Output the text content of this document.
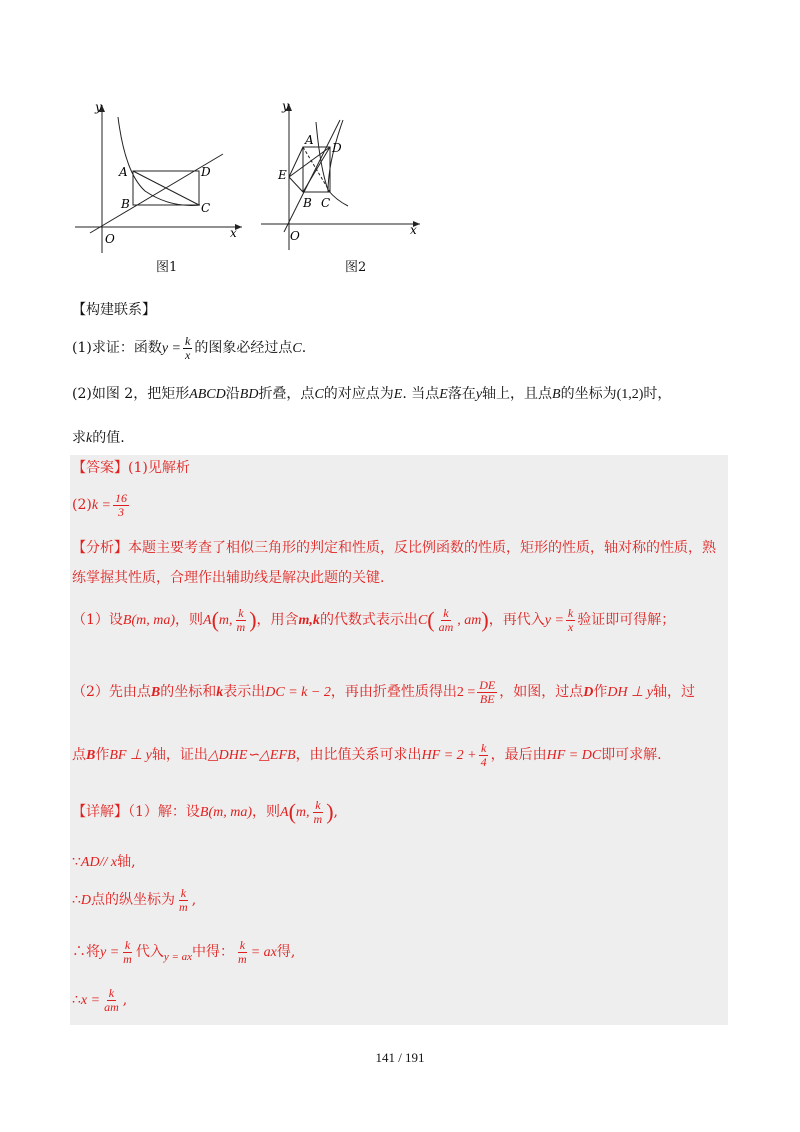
y
x
O
A
B	C
D
图1
y
x
O
A
D
E
B C
图2
【构建联系】
(1)求证：函数$y = \frac{k}{x}$ 的图象必经过点C.
(2)如图 2，把矩形ABCD沿BD折叠，点C的对应点为E. 当点E落在y轴上，且点B的坐标为(1,2)时，
求k的值.
【答案】(1)见解析
$(2)k = \frac{16}{3}$
【分析】本题主要考查了相似三角形的判定和性质，反比例函数的性质，矩形的性质，轴对称的性质，熟
练掌握其性质，合理作出辅助线是解决此题的关键.
（1）设B(m, ma)，则A(m, $\frac{k}{m}$ )，用含m,k的代数式表示出$C( \frac{k}{am}$ , am)，再代入$y = \frac{k}{x}$ 验证即可得解；
（2）先由点B的坐标和k表示出DC = k − 2，再由折叠性质得出$2 = \frac{DE}{BE}$ ，如图，过点D作DH ⊥ y轴，过
点B作BF ⊥ y轴，证出△DHE∽△EFB，由比值关系可求出HF = $2 + \frac{k}{4}$ ，最后由HF = DC即可求解.
【详解】（1）解：设B(m, ma)，则A(m, $\frac{k}{m}$ ),
∵AD// x轴,
∴D点的纵坐标为 $\frac{k}{m}$ ,
∴将$y = \frac{k}{m}$ 代入$_{y = ax}$中得： $\frac{k}{m}$ = ax得,
∴x = $\frac{k}{am}$ ,
141 / 191
